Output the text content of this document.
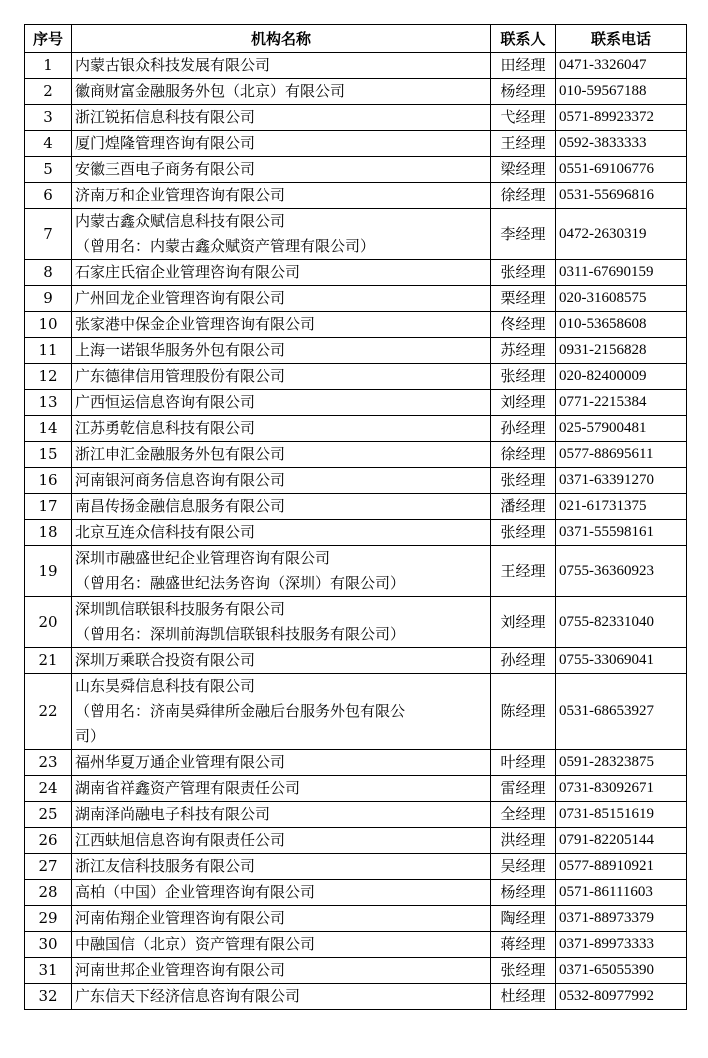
序号	机构名称	联系人	联系电话
1	内蒙古银众科技发展有限公司	田经理	0471-3326047
2	徽商财富金融服务外包（北京）有限公司	杨经理	010-59567188
3	浙江锐拓信息科技有限公司	弋经理	0571-89923372
4	厦门煌隆管理咨询有限公司	王经理	0592-3833333
5	安徽三酉电子商务有限公司	梁经理	0551-69106776
6	济南万和企业管理咨询有限公司	徐经理	0531-55696816
7	内蒙古鑫众赋信息科技有限公司
（曾用名：内蒙古鑫众赋资产管理有限公司）	李经理	0472-2630319
8	石家庄氏宿企业管理咨询有限公司	张经理	0311-67690159
9	广州回龙企业管理咨询有限公司	栗经理	020-31608575
10	张家港中保金企业管理咨询有限公司	佟经理	010-53658608
11	上海一诺银华服务外包有限公司	苏经理	0931-2156828
12	广东德律信用管理股份有限公司	张经理	020-82400009
13	广西恒运信息咨询有限公司	刘经理	0771-2215384
14	江苏勇乾信息科技有限公司	孙经理	025-57900481
15	浙江申汇金融服务外包有限公司	徐经理	0577-88695611
16	河南银河商务信息咨询有限公司	张经理	0371-63391270
17	南昌传扬金融信息服务有限公司	潘经理	021-61731375
18	北京互连众信科技有限公司	张经理	0371-55598161
19	深圳市融盛世纪企业管理咨询有限公司
（曾用名：融盛世纪法务咨询（深圳）有限公司）	王经理	0755-36360923
20	深圳凯信联银科技服务有限公司
（曾用名：深圳前海凯信联银科技服务有限公司）	刘经理	0755-82331040
21	深圳万乘联合投资有限公司	孙经理	0755-33069041
22	山东昊舜信息科技有限公司
（曾用名：济南昊舜律所金融后台服务外包有限公
司）	陈经理	0531-68653927
23	福州华夏万通企业管理有限公司	叶经理	0591-28323875
24	湖南省祥鑫资产管理有限责任公司	雷经理	0731-83092671
25	湖南泽尚融电子科技有限公司	全经理	0731-85151619
26	江西蚨旭信息咨询有限责任公司	洪经理	0791-82205144
27	浙江友信科技服务有限公司	吴经理	0577-88910921
28	高柏（中国）企业管理咨询有限公司	杨经理	0571-86111603
29	河南佑翔企业管理咨询有限公司	陶经理	0371-88973379
30	中融国信（北京）资产管理有限公司	蒋经理	0371-89973333
31	河南世邦企业管理咨询有限公司	张经理	0371-65055390
32	广东信天下经济信息咨询有限公司	杜经理	0532-80977992
